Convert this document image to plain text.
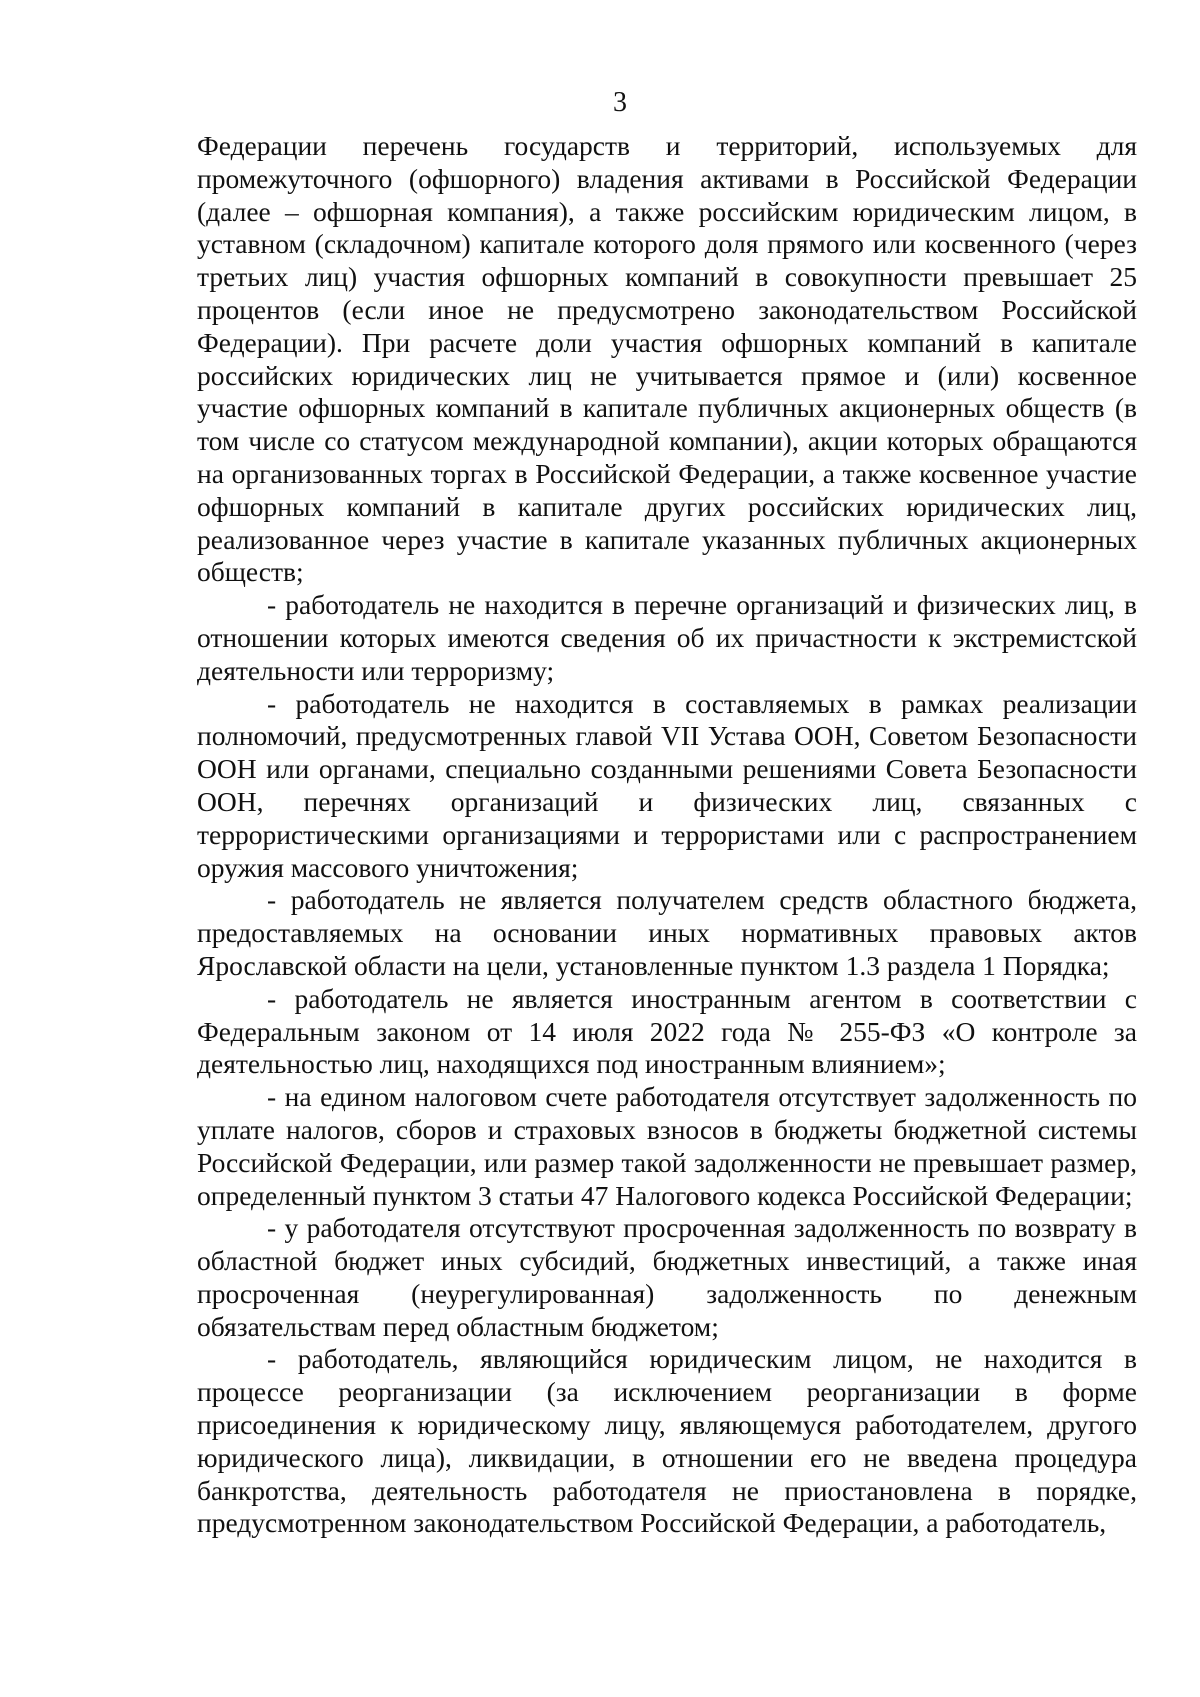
3

Федерации перечень государств и территорий, используемых для промежуточного (офшорного) владения активами в Российской Федерации (далее – офшорная компания), а также российским юридическим лицом, в уставном (складочном) капитале которого доля прямого или косвенного (через третьих лиц) участия офшорных компаний в совокупности превышает 25 процентов (если иное не предусмотрено законодательством Российской Федерации). При расчете доли участия офшорных компаний в капитале российских юридических лиц не учитывается прямое и (или) косвенное участие офшорных компаний в капитале публичных акционерных обществ (в том числе со статусом международной компании), акции которых обращаются на организованных торгах в Российской Федерации, а также косвенное участие офшорных компаний в капитале других российских юридических лиц, реализованное через участие в капитале указанных публичных акционерных обществ;

- работодатель не находится в перечне организаций и физических лиц, в отношении которых имеются сведения об их причастности к экстремистской деятельности или терроризму;

- работодатель не находится в составляемых в рамках реализации полномочий, предусмотренных главой VII Устава ООН, Советом Безопасности ООН или органами, специально созданными решениями Совета Безопасности ООН, перечнях организаций и физических лиц, связанных с террористическими организациями и террористами или с распространением оружия массового уничтожения;

- работодатель не является получателем средств областного бюджета, предоставляемых на основании иных нормативных правовых актов Ярославской области на цели, установленные пунктом 1.3 раздела 1 Порядка;

- работодатель не является иностранным агентом в соответствии с Федеральным законом от 14 июля 2022 года № 255-ФЗ «О контроле за деятельностью лиц, находящихся под иностранным влиянием»;

- на едином налоговом счете работодателя отсутствует задолженность по уплате налогов, сборов и страховых взносов в бюджеты бюджетной системы Российской Федерации, или размер такой задолженности не превышает размер, определенный пунктом 3 статьи 47 Налогового кодекса Российской Федерации;

- у работодателя отсутствуют просроченная задолженность по возврату в областной бюджет иных субсидий, бюджетных инвестиций, а также иная просроченная (неурегулированная) задолженность по денежным обязательствам перед областным бюджетом;

- работодатель, являющийся юридическим лицом, не находится в процессе реорганизации (за исключением реорганизации в форме присоединения к юридическому лицу, являющемуся работодателем, другого юридического лица), ликвидации, в отношении его не введена процедура банкротства, деятельность работодателя не приостановлена в порядке, предусмотренном законодательством Российской Федерации, а работодатель,
